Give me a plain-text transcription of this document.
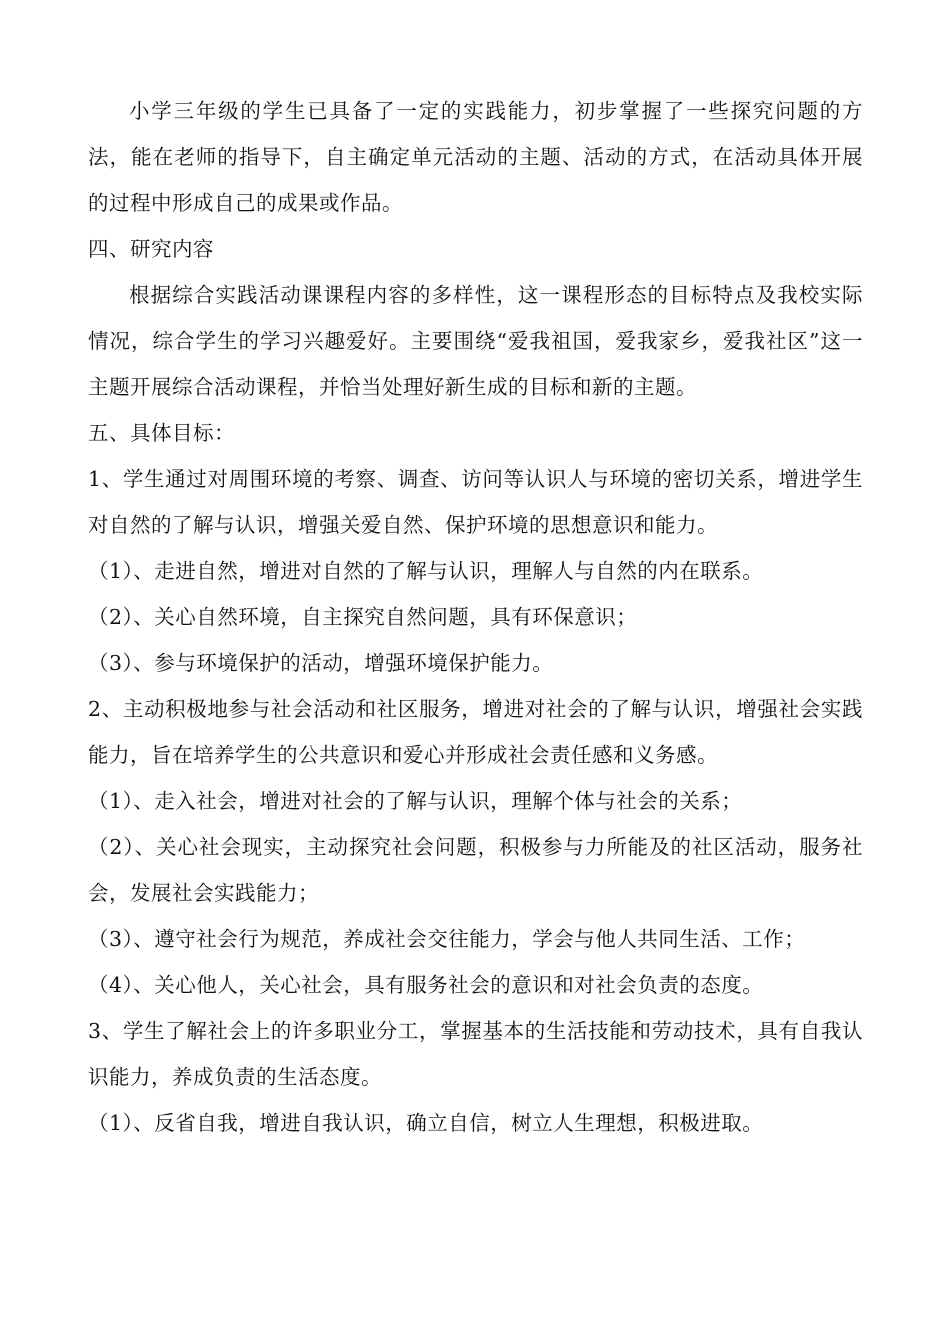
小学三年级的学生已具备了一定的实践能力，初步掌握了一些探究问题的方法，能在老师的指导下，自主确定单元活动的主题、活动的方式，在活动具体开展的过程中形成自己的成果或作品。

四、研究内容

根据综合实践活动课课程内容的多样性，这一课程形态的目标特点及我校实际情况，综合学生的学习兴趣爱好。主要围绕“爱我祖国，爱我家乡，爱我社区”这一主题开展综合活动课程，并恰当处理好新生成的目标和新的主题。

五、具体目标：

1、学生通过对周围环境的考察、调查、访问等认识人与环境的密切关系，增进学生对自然的了解与认识，增强关爱自然、保护环境的思想意识和能力。

（1）、走进自然，增进对自然的了解与认识，理解人与自然的内在联系。

（2）、关心自然环境，自主探究自然问题，具有环保意识；

（3）、参与环境保护的活动，增强环境保护能力。

2、主动积极地参与社会活动和社区服务，增进对社会的了解与认识，增强社会实践能力，旨在培养学生的公共意识和爱心并形成社会责任感和义务感。

（1）、走入社会，增进对社会的了解与认识，理解个体与社会的关系；

（2）、关心社会现实，主动探究社会问题，积极参与力所能及的社区活动，服务社会，发展社会实践能力；

（3）、遵守社会行为规范，养成社会交往能力，学会与他人共同生活、工作；

（4）、关心他人，关心社会，具有服务社会的意识和对社会负责的态度。

3、学生了解社会上的许多职业分工，掌握基本的生活技能和劳动技术，具有自我认识能力，养成负责的生活态度。

（1）、反省自我，增进自我认识，确立自信，树立人生理想，积极进取。
